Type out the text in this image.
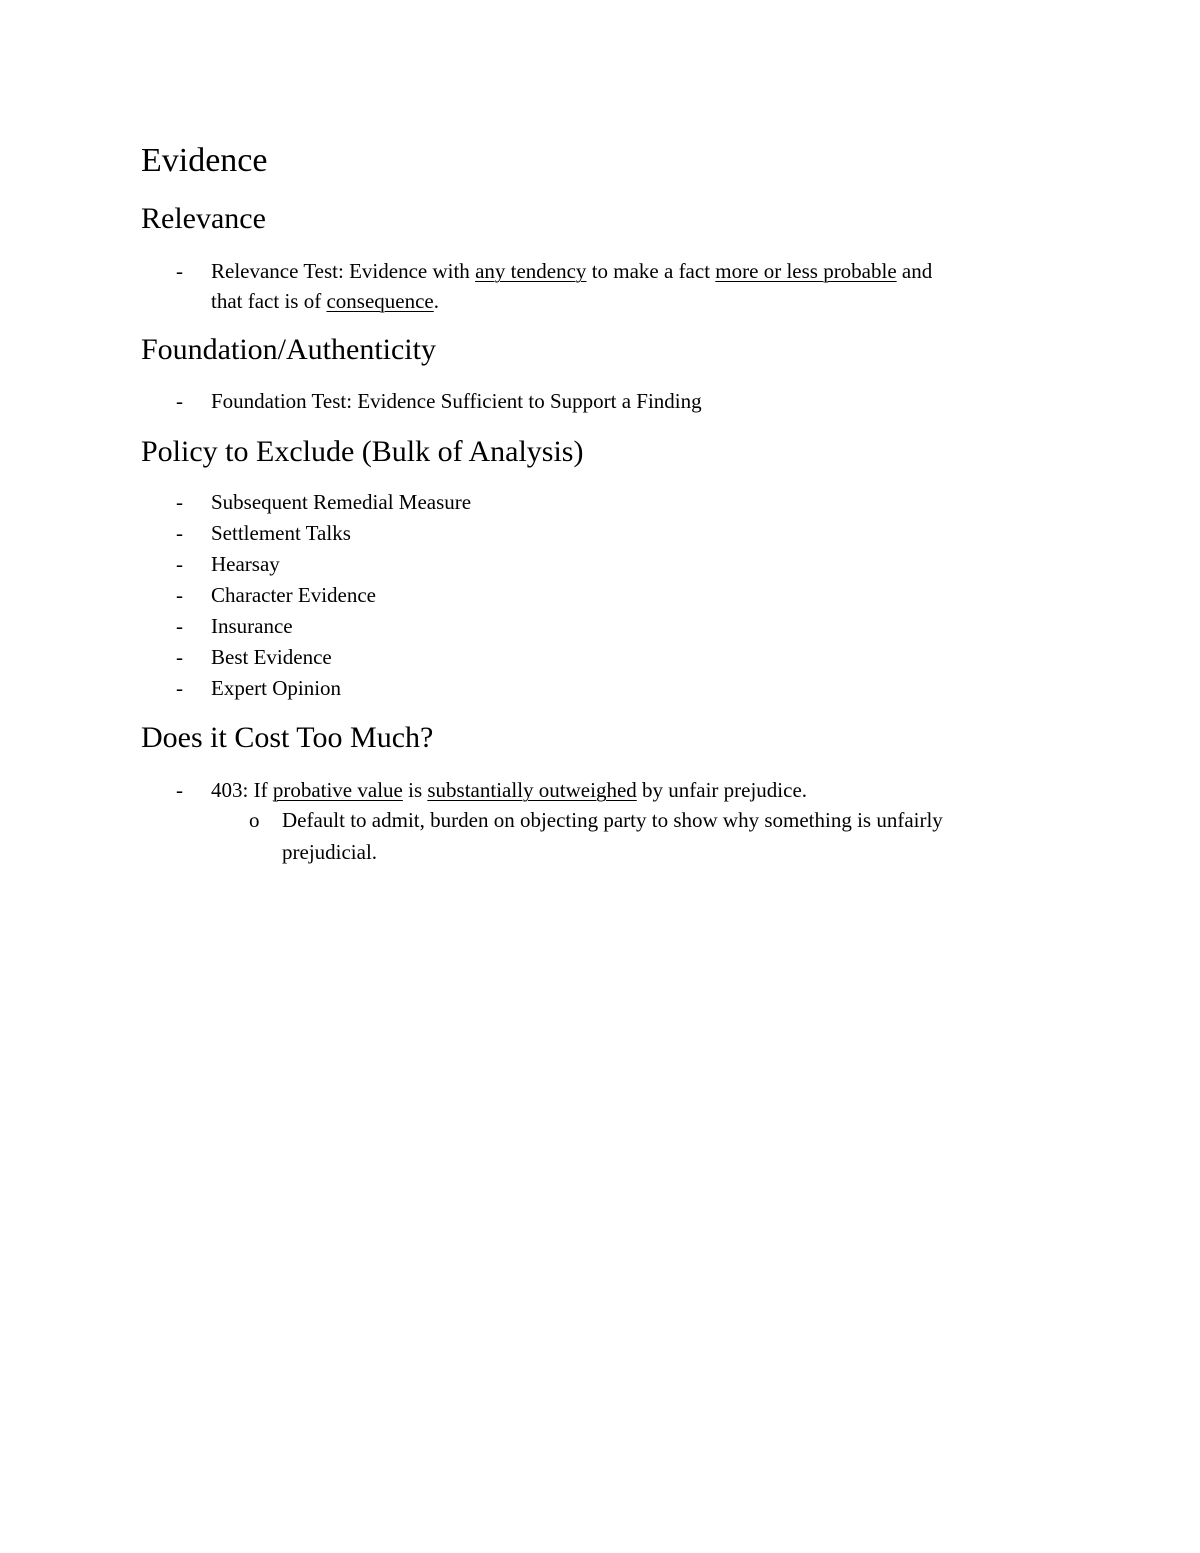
Evidence
Relevance
- Relevance Test: Evidence with any tendency to make a fact more or less probable and
that fact is of consequence.
Foundation/Authenticity
- Foundation Test: Evidence Sufficient to Support a Finding
Policy to Exclude (Bulk of Analysis)
- Subsequent Remedial Measure
- Settlement Talks
- Hearsay
- Character Evidence
- Insurance
- Best Evidence
- Expert Opinion
Does it Cost Too Much?
- 403: If probative value is substantially outweighed by unfair prejudice.
o Default to admit, burden on objecting party to show why something is unfairly
prejudicial.
